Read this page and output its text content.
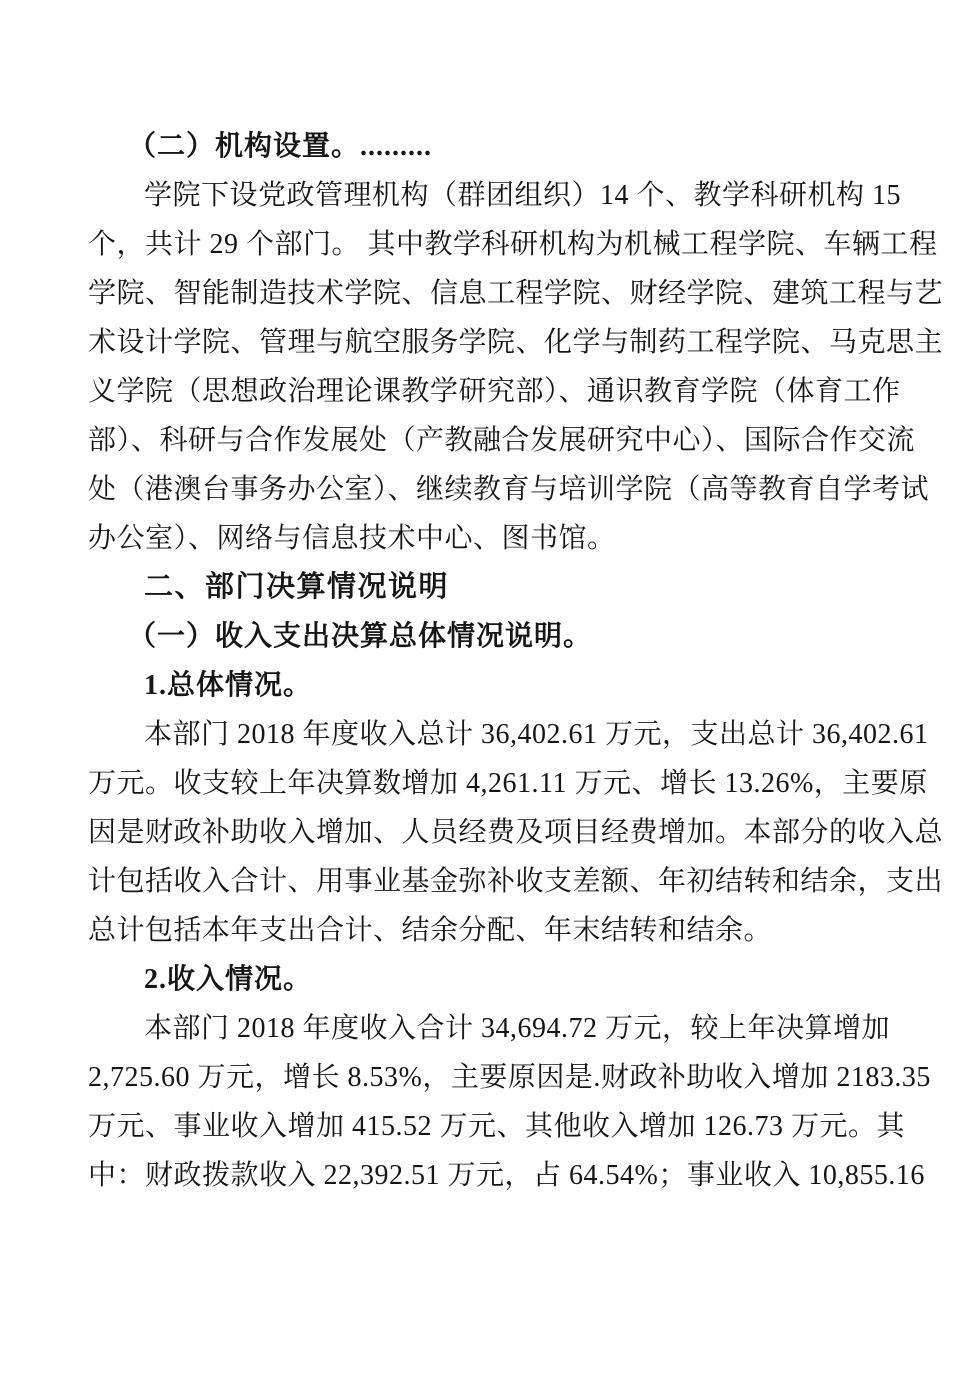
（二）机构设置。.........
学院下设党政管理机构（群团组织）14 个、教学科研机构 15
个，共计 29 个部门。 其中教学科研机构为机械工程学院、车辆工程
学院、智能制造技术学院、信息工程学院、财经学院、建筑工程与艺
术设计学院、管理与航空服务学院、化学与制药工程学院、马克思主
义学院（思想政治理论课教学研究部）、通识教育学院（体育工作
部）、科研与合作发展处（产教融合发展研究中心）、国际合作交流
处（港澳台事务办公室）、继续教育与培训学院（高等教育自学考试
办公室）、网络与信息技术中心、图书馆。
二、部门决算情况说明
（一）收入支出决算总体情况说明。
1.总体情况。
本部门 2018 年度收入总计 36,402.61 万元，支出总计 36,402.61
万元。收支较上年决算数增加 4,261.11 万元、增长 13.26%，主要原
因是财政补助收入增加、人员经费及项目经费增加。本部分的收入总
计包括收入合计、用事业基金弥补收支差额、年初结转和结余，支出
总计包括本年支出合计、结余分配、年末结转和结余。
2.收入情况。
本部门 2018 年度收入合计 34,694.72 万元，较上年决算增加
2,725.60 万元，增长 8.53%，主要原因是.财政补助收入增加 2183.35
万元、事业收入增加 415.52 万元、其他收入增加 126.73 万元。其
中：财政拨款收入 22,392.51 万元，占 64.54%；事业收入 10,855.16
